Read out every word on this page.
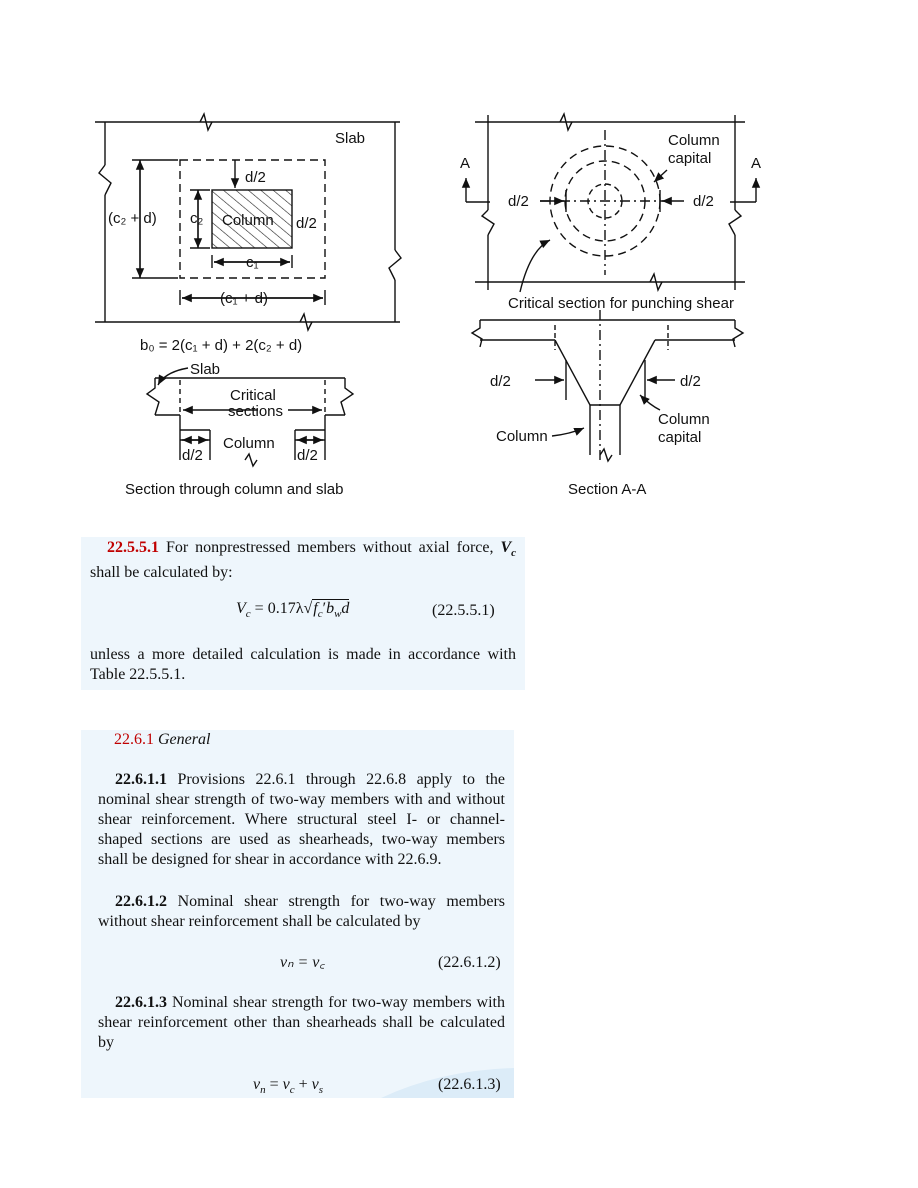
Slab
d/2
(c₂ + d) c₂ Column d/2
c₁
(c₁ + d)
b₀ = 2(c₁ + d) + 2(c₂ + d)
Slab
Critical
sections
Column
d/2	d/2
Section through column and slab
Column
capital
A	A
d/2	d/2
Critical section for punching shear
d/2	d/2
Column
Column
capital
Section A-A
22.5.5.1 For nonprestressed members without axial force, $V_c$ shall be calculated by:
$V_c = 0.17\lambda√f_c'b_wd$	(22.5.5.1)
unless a more detailed calculation is made in accordance with Table 22.5.5.1.
22.6.1 General
22.6.1.1 Provisions 22.6.1 through 22.6.8 apply to the nominal shear strength of two-way members with and without shear reinforcement. Where structural steel I- or channel-shaped sections are used as shearheads, two-way members shall be designed for shear in accordance with 22.6.9.
22.6.1.2 Nominal shear strength for two-way members without shear reinforcement shall be calculated by
vₙ = v꜀	(22.6.1.2)
22.6.1.3 Nominal shear strength for two-way members with shear reinforcement other than shearheads shall be calculated by
$v_n = v_c + v_s$	(22.6.1.3)
